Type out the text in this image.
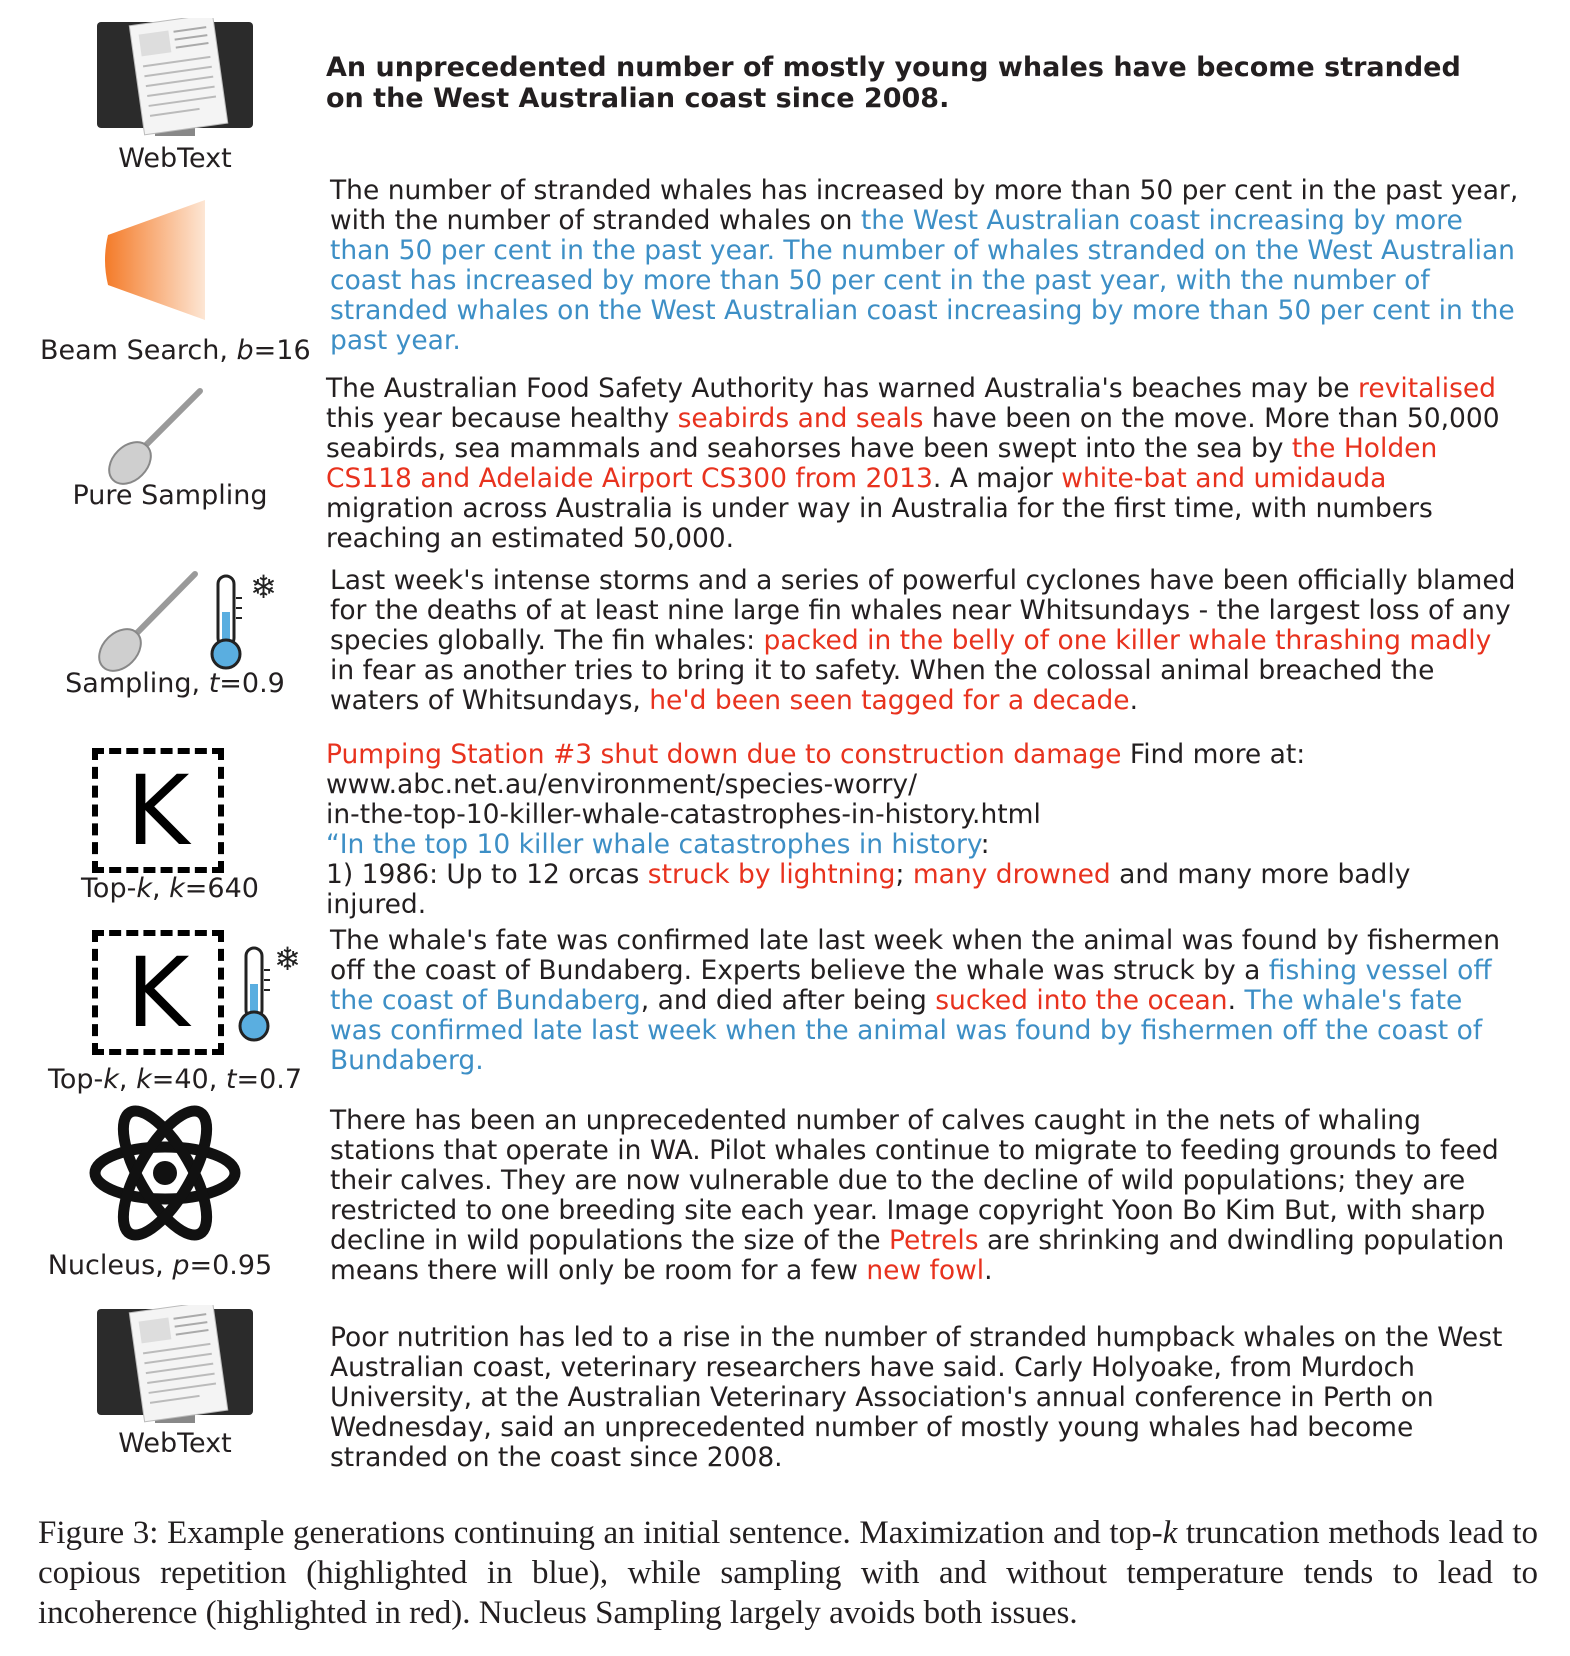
WebText
Beam Search, b=16
Pure Sampling
❄
Sampling, t=0.9
K
Top-k, k=640
K	❄
Top-k, k=40, t=0.7
Nucleus, p=0.95
WebText
An unprecedented number of mostly young whales have become stranded on the West Australian coast since 2008.
The number of stranded whales has increased by more than 50 per cent in the past year, with the number of stranded whales on the West Australian coast increasing by more than 50 per cent in the past year. The number of whales stranded on the West Australian coast has increased by more than 50 per cent in the past year, with the number of stranded whales on the West Australian coast increasing by more than 50 per cent in the past year.
The Australian Food Safety Authority has warned Australia's beaches may be revitalised this year because healthy seabirds and seals have been on the move. More than 50,000 seabirds, sea mammals and seahorses have been swept into the sea by the Holden CS118 and Adelaide Airport CS300 from 2013. A major white-bat and umidauda migration across Australia is under way in Australia for the first time, with numbers reaching an estimated 50,000.
Last week's intense storms and a series of powerful cyclones have been officially blamed for the deaths of at least nine large fin whales near Whitsundays - the largest loss of any species globally. The fin whales: packed in the belly of one killer whale thrashing madly in fear as another tries to bring it to safety. When the colossal animal breached the waters of Whitsundays, he'd been seen tagged for a decade.
Pumping Station #3 shut down due to construction damage Find more at:
www.abc.net.au/environment/species-worry/
in-the-top-10-killer-whale-catastrophes-in-history.html
“In the top 10 killer whale catastrophes in history:
1) 1986: Up to 12 orcas struck by lightning; many drowned and many more badly injured.
The whale's fate was confirmed late last week when the animal was found by fishermen off the coast of Bundaberg. Experts believe the whale was struck by a fishing vessel off the coast of Bundaberg, and died after being sucked into the ocean. The whale's fate was confirmed late last week when the animal was found by fishermen off the coast of Bundaberg.
There has been an unprecedented number of calves caught in the nets of whaling stations that operate in WA. Pilot whales continue to migrate to feeding grounds to feed their calves. They are now vulnerable due to the decline of wild populations; they are restricted to one breeding site each year. Image copyright Yoon Bo Kim But, with sharp decline in wild populations the size of the Petrels are shrinking and dwindling population means there will only be room for a few new fowl.
Poor nutrition has led to a rise in the number of stranded humpback whales on the West Australian coast, veterinary researchers have said. Carly Holyoake, from Murdoch University, at the Australian Veterinary Association's annual conference in Perth on Wednesday, said an unprecedented number of mostly young whales had become stranded on the coast since 2008.
Figure 3: Example generations continuing an initial sentence. Maximization and top-k truncation methods lead to copious repetition (highlighted in blue), while sampling with and without temperature tends to lead to incoherence (highlighted in red). Nucleus Sampling largely avoids both issues.
